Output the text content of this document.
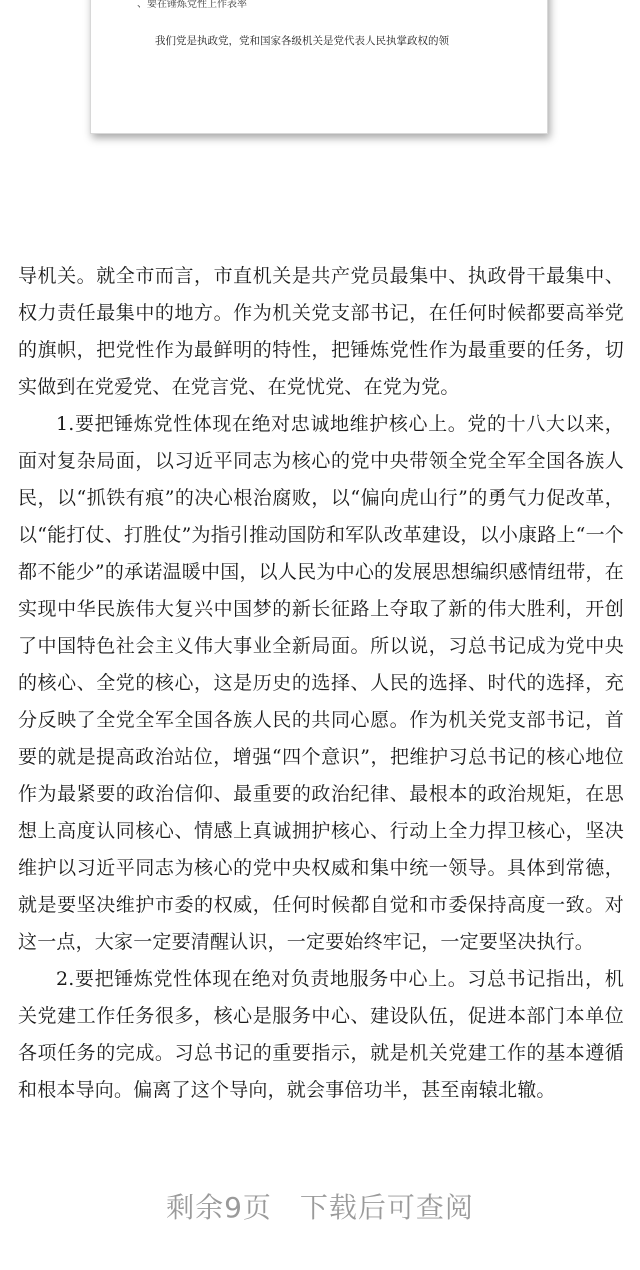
、要在锤炼党性上作表率
我们党是执政党，党和国家各级机关是党代表人民执掌政权的领

导机关。就全市而言，市直机关是共产党员最集中、执政骨干最集中、权力责任最集中的地方。作为机关党支部书记，在任何时候都要高举党的旗帜，把党性作为最鲜明的特性，把锤炼党性作为最重要的任务，切实做到在党爱党、在党言党、在党忧党、在党为党。

1.要把锤炼党性体现在绝对忠诚地维护核心上。党的十八大以来，面对复杂局面，以习近平同志为核心的党中央带领全党全军全国各族人民，以“抓铁有痕”的决心根治腐败，以“偏向虎山行”的勇气力促改革，以“能打仗、打胜仗”为指引推动国防和军队改革建设，以小康路上“一个都不能少”的承诺温暖中国，以人民为中心的发展思想编织感情纽带，在实现中华民族伟大复兴中国梦的新长征路上夺取了新的伟大胜利，开创了中国特色社会主义伟大事业全新局面。所以说，习总书记成为党中央的核心、全党的核心，这是历史的选择、人民的选择、时代的选择，充分反映了全党全军全国各族人民的共同心愿。作为机关党支部书记，首要的就是提高政治站位，增强“四个意识”，把维护习总书记的核心地位作为最紧要的政治信仰、最重要的政治纪律、最根本的政治规矩，在思想上高度认同核心、情感上真诚拥护核心、行动上全力捍卫核心，坚决维护以习近平同志为核心的党中央权威和集中统一领导。具体到常德，就是要坚决维护市委的权威，任何时候都自觉和市委保持高度一致。对这一点，大家一定要清醒认识，一定要始终牢记，一定要坚决执行。

2.要把锤炼党性体现在绝对负责地服务中心上。习总书记指出，机关党建工作任务很多，核心是服务中心、建设队伍，促进本部门本单位各项任务的完成。习总书记的重要指示，就是机关党建工作的基本遵循和根本导向。偏离了这个导向，就会事倍功半，甚至南辕北辙。

剩余9页 下载后可查阅
